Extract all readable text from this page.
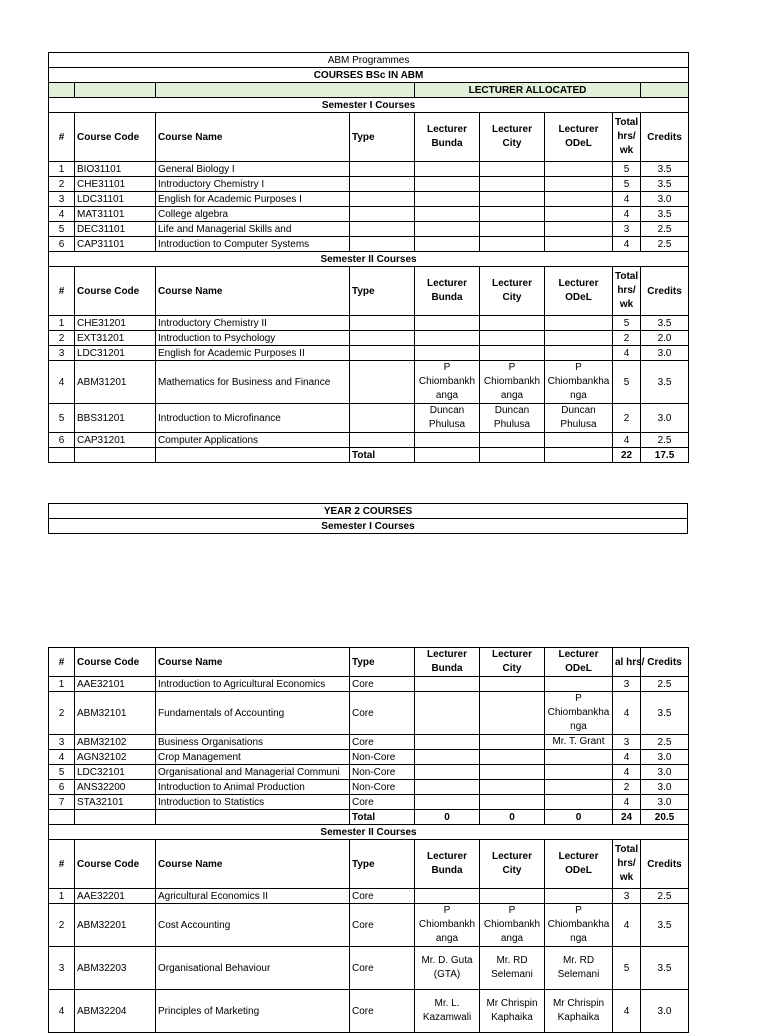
ABM Programmes								
COURSES BSc IN ABM								
				LECTURER ALLOCATED				
Semester I Courses								
#	Course Code	Course Name	Type	Lecturer Bunda	Lecturer City	Lecturer ODeL	Total hrs/ wk	Credits
1	BIO31101	General Biology I					5	3.5
2	CHE31101	Introductory Chemistry I					5	3.5
3	LDC31101	English for Academic Purposes I					4	3.0
4	MAT31101	College algebra					4	3.5
5	DEC31101	Life and Managerial Skills and					3	2.5
6	CAP31101	Introduction to Computer Systems					4	2.5
Semester II Courses								
#	Course Code	Course Name	Type	Lecturer Bunda	Lecturer City	Lecturer ODeL	Total hrs/ wk	Credits
1	CHE31201	Introductory Chemistry II					5	3.5
2	EXT31201	Introduction to Psychology					2	2.0
3	LDC31201	English for Academic Purposes II					4	3.0
4	ABM31201	Mathematics for Business and Finance		P Chiombankh anga	P Chiombankh anga	P Chiombankha nga	5	3.5
5	BBS31201	Introduction to Microfinance		Duncan Phulusa	Duncan Phulusa	Duncan Phulusa	2	3.0
6	CAP31201	Computer Applications					4	2.5
			Total				22	17.5
YEAR 2 COURSES
Semester I Courses
#	Course Code	Course Name	Type	Lecturer Bunda	Lecturer City	Lecturer ODeL	al hrs/	Credits
1	AAE32101	Introduction to Agricultural Economics	Core				3	2.5
2	ABM32101	Fundamentals of Accounting	Core			P Chiombankha nga	4	3.5
3	ABM32102	Business Organisations	Core			Mr. T. Grant	3	2.5
4	AGN32102	Crop Management	Non-Core				4	3.0
5	LDC32101	Organisational and Managerial Communi	Non-Core				4	3.0
6	ANS32200	Introduction to Animal Production	Non-Core				2	3.0
7	STA32101	Introduction to Statistics	Core				4	3.0
			Total	0	0	0	24	20.5
Semester II Courses								
#	Course Code	Course Name	Type	Lecturer Bunda	Lecturer City	Lecturer ODeL	Total hrs/ wk	Credits
1	AAE32201	Agricultural Economics II	Core				3	2.5
2	ABM32201	Cost Accounting	Core	P Chiombankh anga	P Chiombankh anga	P Chiombankha nga	4	3.5
3	ABM32203	Organisational Behaviour	Core	Mr. D. Guta (GTA)	Mr. RD Selemani	Mr. RD Selemani	5	3.5
4	ABM32204	Principles of Marketing	Core	Mr. L. Kazamwali	Mr Chrispin Kaphaika	Mr Chrispin Kaphaika	4	3.0
